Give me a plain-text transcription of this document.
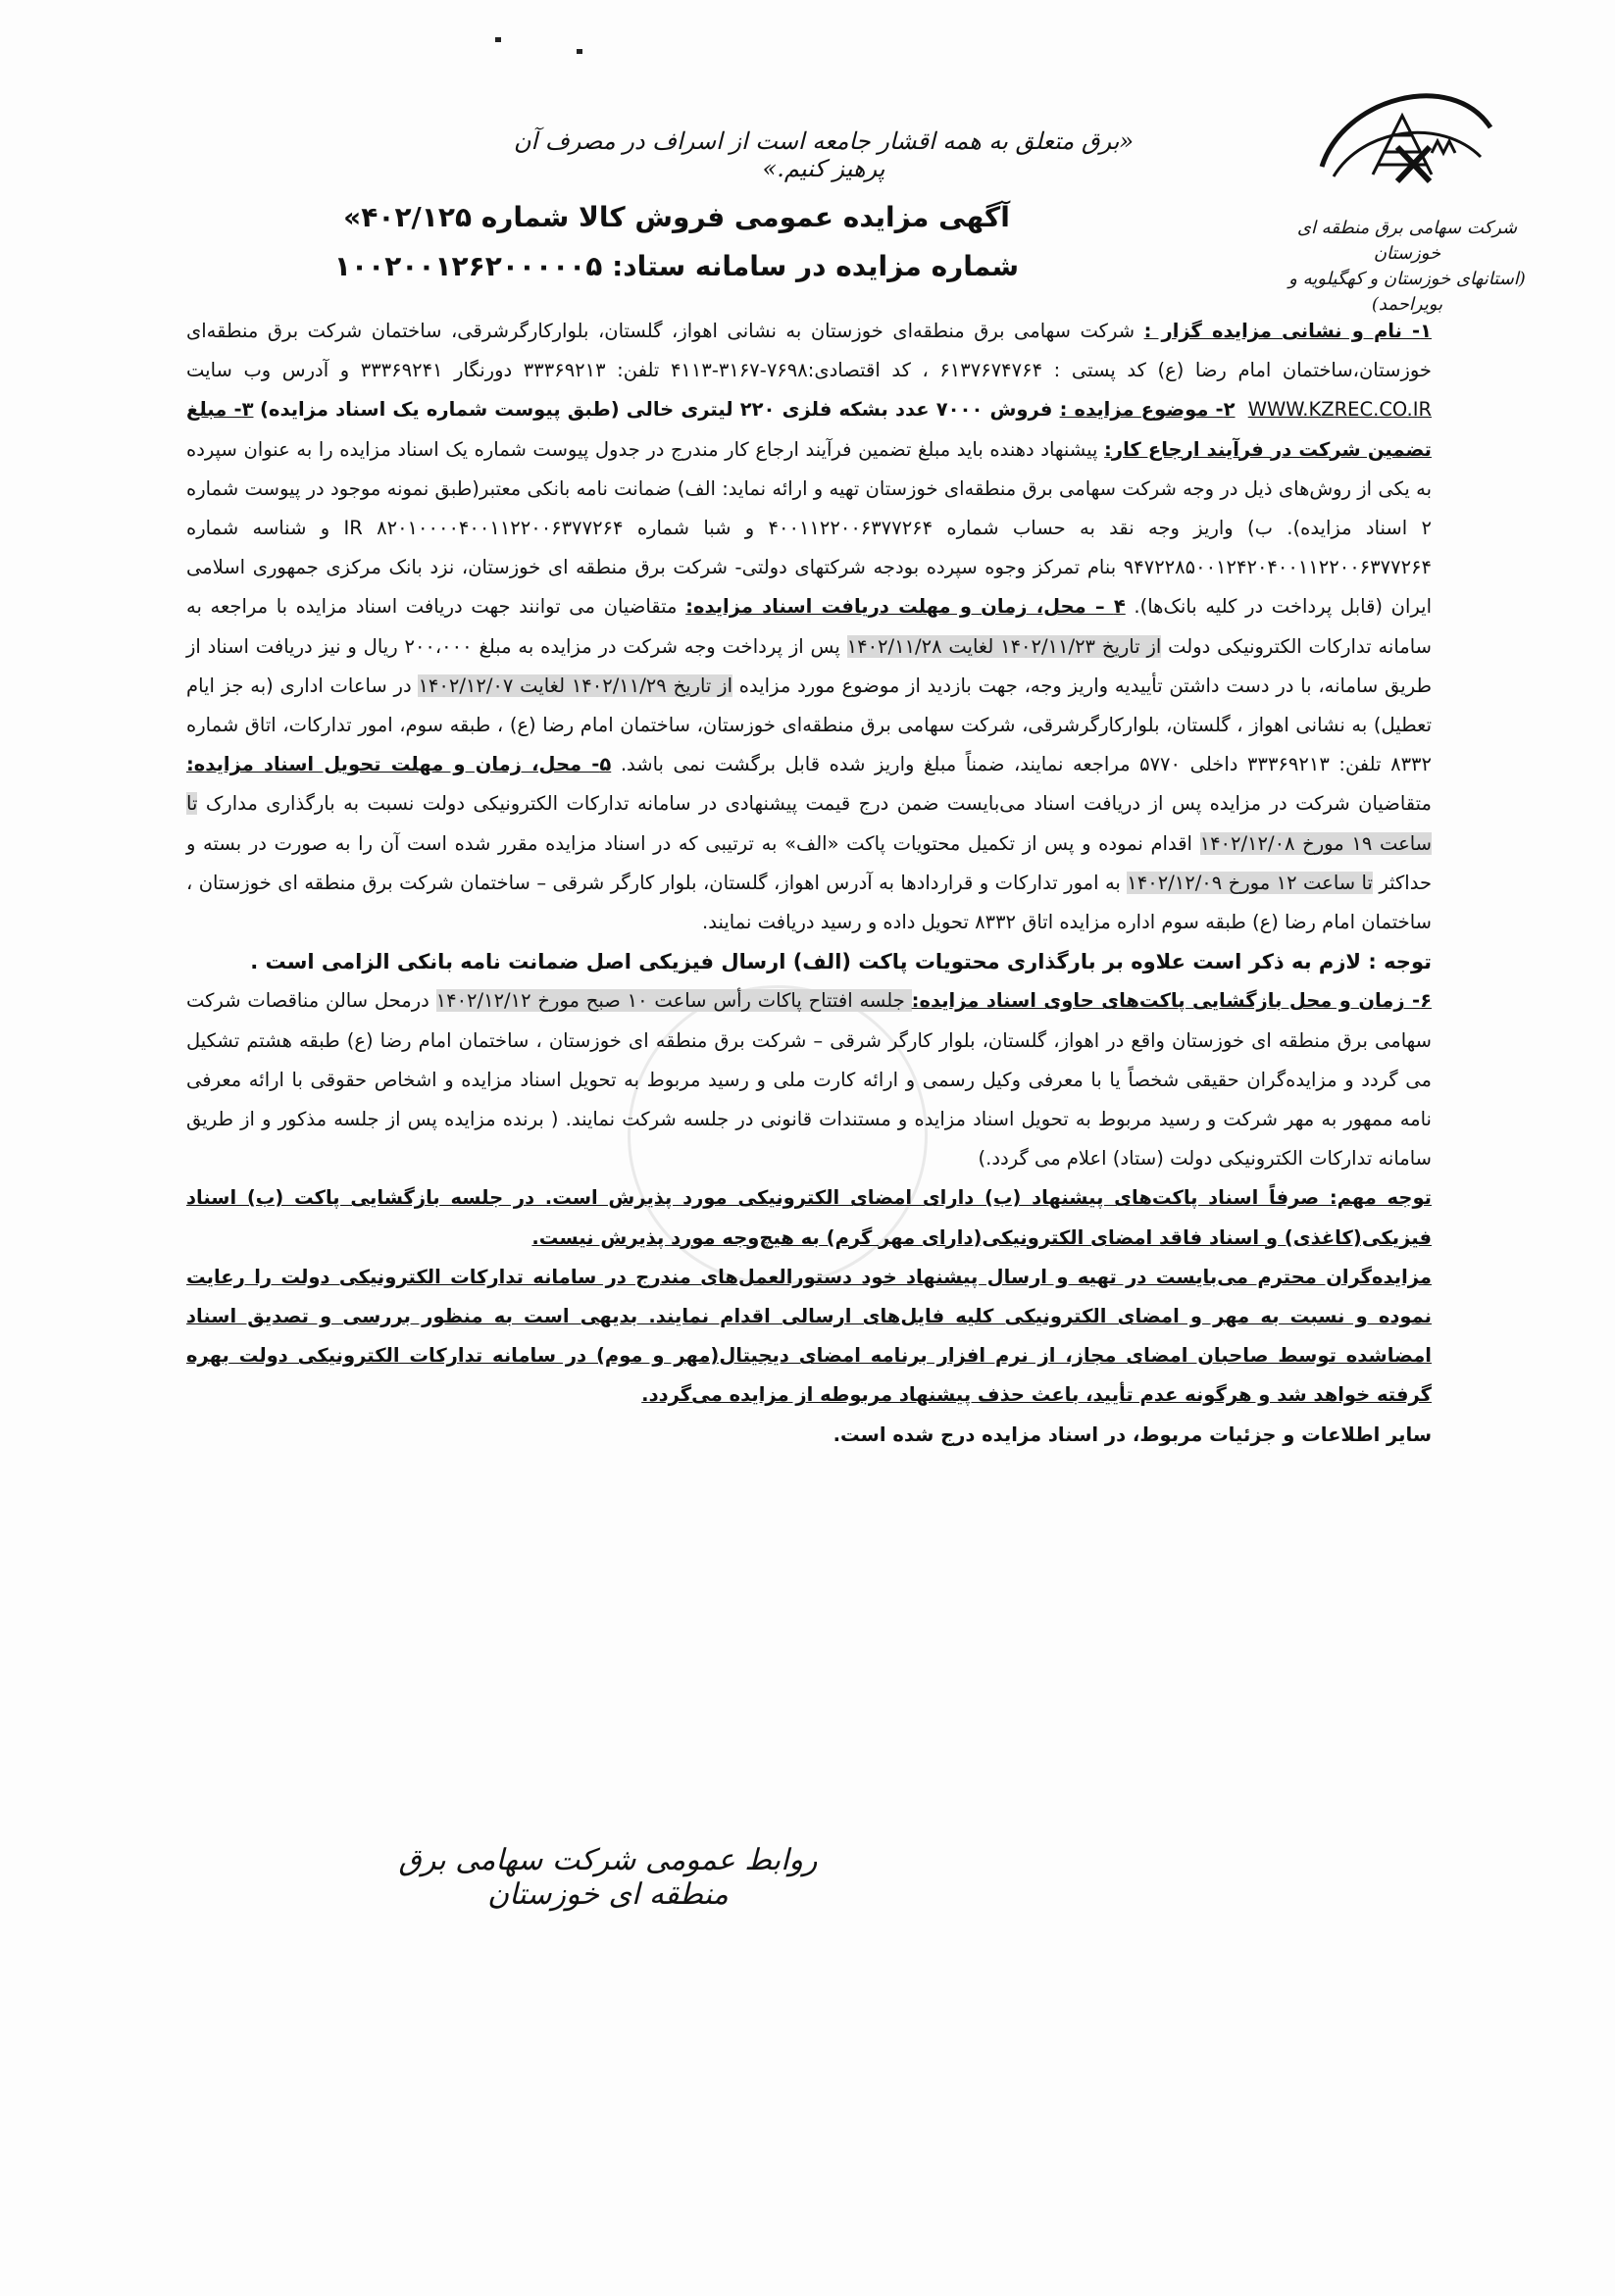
شرکت سهامی برق منطقه ای خوزستان
(استانهای خوزستان و کهگیلویه و بویراحمد)
«برق متعلق به همه اقشار جامعه است از اسراف در مصرف آن پرهیز کنیم.»
آگهی مزایده عمومی فروش کالا شماره ۴۰۲/۱۲۵»
شماره مزایده در سامانه ستاد: ۱۰۰۲۰۰۱۲۶۲۰۰۰۰۰۵

۱- نام و نشانی مزایده گزار : شرکت سهامی برق منطقه‌ای خوزستان به نشانی اهواز، گلستان، بلوارکارگرشرقی، ساختمان شرکت برق منطقه‌ای خوزستان،ساختمان امام رضا (ع) کد پستی : ۶۱۳۷۶۷۴۷۶۴ ، کد اقتصادی:۷۶۹۸-۳۱۶۷-۴۱۱۳ تلفن: ۳۳۳۶۹۲۱۳ دورنگار ۳۳۳۶۹۲۴۱ و آدرس وب سایت WWW.KZREC.CO.IR  ۲- موضوع مزایده : فروش ۷۰۰۰ عدد بشکه فلزی ۲۲۰ لیتری خالی (طبق پیوست شماره یک اسناد مزایده) ۳- مبلغ تضمین شرکت در فرآیند ارجاع کار: پیشنهاد دهنده باید مبلغ تضمین فرآیند ارجاع کار مندرج در جدول پیوست شماره یک اسناد مزایده را به عنوان سپرده به یکی از روش‌های ذیل در وجه شرکت سهامی برق منطقه‌ای خوزستان تهیه و ارائه نماید: الف) ضمانت نامه بانکی معتبر(طبق نمونه موجود در پیوست شماره ۲ اسناد مزایده). ب) واریز وجه نقد به حساب شماره ۴۰۰۱۱۲۲۰۰۶۳۷۷۲۶۴ و شبا شماره IR ۸۲۰۱۰۰۰۰۴۰۰۱۱۲۲۰۰۶۳۷۷۲۶۴ و شناسه شماره ۹۴۷۲۲۸۵۰۰۱۲۴۲۰۴۰۰۱۱۲۲۰۰۶۳۷۷۲۶۴ بنام تمرکز وجوه سپرده بودجه شرکتهای دولتی- شرکت برق منطقه ای خوزستان، نزد بانک مرکزی جمهوری اسلامی ایران (قابل پرداخت در کلیه بانک‌ها). ۴ – محل، زمان و مهلت دریافت اسناد مزایده: متقاضیان می توانند جهت دریافت اسناد مزایده با مراجعه به سامانه تدارکات الکترونیکی دولت از تاریخ ۱۴۰۲/۱۱/۲۳ لغایت ۱۴۰۲/۱۱/۲۸ پس از پرداخت وجه شرکت در مزایده به مبلغ ۲۰۰،۰۰۰ ریال و نیز دریافت اسناد از طریق سامانه، با در دست داشتن تأییدیه واریز وجه، جهت بازدید از موضوع مورد مزایده از تاریخ ۱۴۰۲/۱۱/۲۹ لغایت ۱۴۰۲/۱۲/۰۷ در ساعات اداری (به جز ایام تعطیل) به نشانی اهواز ، گلستان، بلوارکارگرشرقی، شرکت سهامی برق منطقه‌ای خوزستان، ساختمان امام رضا (ع) ، طبقه سوم، امور تدارکات، اتاق شماره ۸۳۳۲ تلفن: ۳۳۳۶۹۲۱۳ داخلی ۵۷۷۰ مراجعه نمایند، ضمناً مبلغ واریز شده قابل برگشت نمی باشد. ۵- محل، زمان و مهلت تحویل اسناد مزایده: متقاضیان شرکت در مزایده پس از دریافت اسناد می‌بایست ضمن درج قیمت پیشنهادی در سامانه تدارکات الکترونیکی دولت نسبت به بارگذاری مدارک تا ساعت ۱۹ مورخ ۱۴۰۲/۱۲/۰۸ اقدام نموده و پس از تکمیل محتویات پاکت «الف» به ترتیبی که در اسناد مزایده مقرر شده است آن را به صورت در بسته و حداکثر تا ساعت ۱۲ مورخ ۱۴۰۲/۱۲/۰۹ به امور تدارکات و قراردادها به آدرس اهواز، گلستان، بلوار کارگر شرقی – ساختمان شرکت برق منطقه ای خوزستان ، ساختمان امام رضا (ع) طبقه سوم اداره مزایده اتاق ۸۳۳۲ تحویل داده و رسید دریافت نمایند.

توجه : لازم به ذکر است علاوه بر بارگذاری محتویات پاکت (الف) ارسال فیزیکی اصل ضمانت نامه بانکی الزامی است .

۶- زمان و محل بازگشایی پاکت‌های حاوی اسناد مزایده: جلسه افتتاح پاکات رأس ساعت ۱۰ صبح مورخ ۱۴۰۲/۱۲/۱۲ درمحل سالن مناقصات شرکت سهامی برق منطقه ای خوزستان واقع در اهواز، گلستان، بلوار کارگر شرقی – شرکت برق منطقه ای خوزستان ، ساختمان امام رضا (ع) طبقه هشتم تشکیل می گردد و مزایده‌گران حقیقی شخصاً یا با معرفی وکیل رسمی و ارائه کارت ملی و رسید مربوط به تحویل اسناد مزایده و اشخاص حقوقی با ارائه معرفی نامه ممهور به مهر شرکت و رسید مربوط به تحویل اسناد مزایده و مستندات قانونی در جلسه شرکت نمایند. ( برنده مزایده پس از جلسه مذکور و از طریق سامانه تدارکات الکترونیکی دولت (ستاد) اعلام می گردد.)

توجه مهم: صرفاً اسناد پاکت‌های پیشنهاد (ب) دارای امضای الکترونیکی مورد پذیرش است. در جلسه بازگشایی پاکت (ب) اسناد فیزیکی(کاغذی) و اسناد فاقد امضای الکترونیکی(دارای مهر گرم) به هیچ‌وجه مورد پذیرش نیست.

مزایده‌گران محترم می‌بایست در تهیه و ارسال پیشنهاد خود دستورالعمل‌های مندرج در سامانه تدارکات الکترونیکی دولت را رعایت نموده و نسبت به مهر و امضای الکترونیکی کلیه فایل‌های ارسالی اقدام نمایند. بدیهی است به منظور بررسی و تصدیق اسناد امضاشده توسط صاحبان امضای مجاز، از نرم افزار برنامه امضای دیجیتال(مهر و موم) در سامانه تدارکات الکترونیکی دولت بهره گرفته خواهد شد و هرگونه عدم تأیید، باعث حذف پیشنهاد مربوطه از مزایده می‌گردد.

سایر اطلاعات و جزئیات مربوط، در اسناد مزایده درج شده است.

روابط عمومی شرکت سهامی برق منطقه ای خوزستان
